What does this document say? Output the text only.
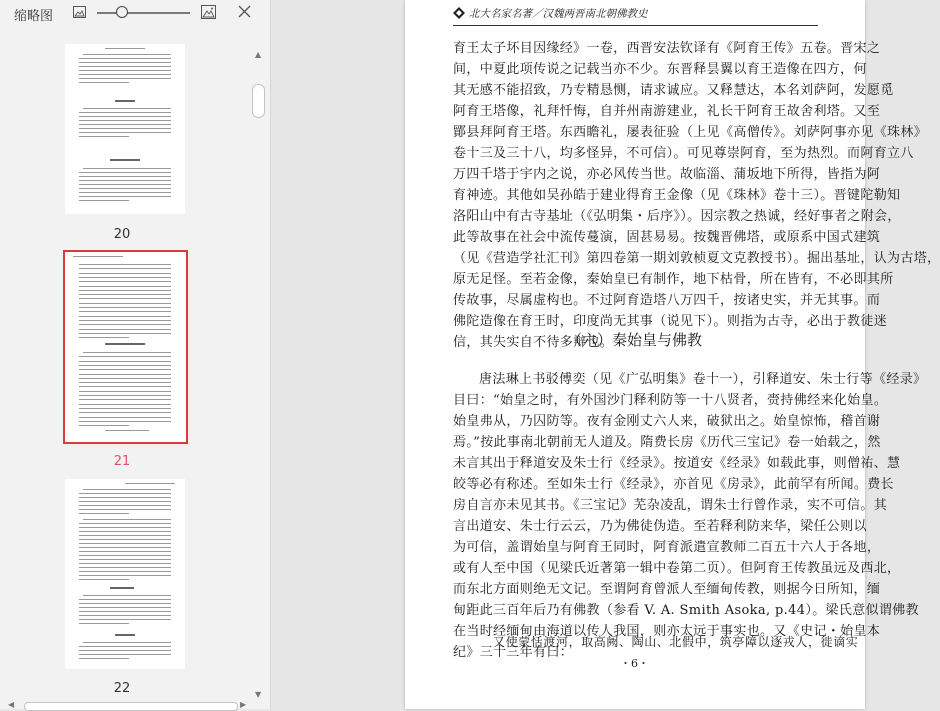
缩略图
20
21
22
▲
▼
◀	▶
北大名家名著／汉魏两晋南北朝佛教史
育王太子坏目因缘经》一卷，西晋安法钦译有《阿育王传》五卷。晋宋之
间，中夏此项传说之记载当亦不少。东晋释昙翼以育王造像在四方，何
其无感不能招致，乃专精恳恻，请求诚应。又释慧达，本名刘萨阿，发愿觅
阿育王塔像，礼拜忏悔，自并州南游建业，礼长干阿育王故舍利塔。又至
鄮县拜阿育王塔。东西瞻礼，屡表征验（上见《高僧传》。刘萨阿事亦见《珠林》
卷十三及三十八，均多怪异，不可信）。可见尊崇阿育，至为热烈。而阿育立八
万四千塔于宇内之说，亦必风传当世。故临淄、蒲坂地下所得，皆指为阿
育神迹。其他如吴孙皓于建业得育王金像（见《珠林》卷十三）。晋键陀勒知
洛阳山中有古寺基址（《弘明集・后序》）。因宗教之热诚，经好事者之附会，
此等故事在社会中流传蔓演，固甚易易。按魏晋佛塔，或原系中国式建筑
（见《营造学社汇刊》第四卷第一期刘敦桢夏文克教授书）。掘出基址，认为古塔，
原无足怪。至若金像，秦始皇已有制作，地下枯骨，所在皆有，不必即其所
传故事，尽属虚构也。不过阿育造塔八万四千，按诸史实，并无其事。而
佛陀造像在育王时，印度尚无其事（说见下）。则指为古寺，必出于教徒迷
信，其失实自不待多辩也。
（六）秦始皇与佛教
唐法琳上书驳傅奕（见《广弘明集》卷十一），引释道安、朱士行等《经录》
目曰：“始皇之时，有外国沙门释利防等一十八贤者，赍持佛经来化始皇。
始皇弗从，乃囚防等。夜有金刚丈六人来，破狱出之。始皇惊怖，稽首谢
焉。”按此事南北朝前无人道及。隋费长房《历代三宝记》卷一始载之，然
未言其出于释道安及朱士行《经录》。按道安《经录》如载此事，则僧祐、慧
皎等必有称述。至如朱士行《经录》，亦首见《房录》，此前罕有所闻。费长
房自言亦未见其书。《三宝记》芜杂凌乱，谓朱士行曾作录，实不可信。其
言出道安、朱士行云云，乃为佛徒伪造。至若释利防来华，梁任公则以
为可信，盖谓始皇与阿育王同时，阿育派遣宣教师二百五十六人于各地，
或有人至中国（见梁氏近著第一辑中卷第二页）。但阿育王传教虽远及西北，
而东北方面则绝无文记。至谓阿育曾派人至缅甸传教，则据今日所知，缅
甸距此三百年后乃有佛教（参看 V. A. Smith Asoka, p.44）。梁氏意似谓佛教
在当时经缅甸由海道以传人我国，则亦太远于事实也。又《史记・始皇本
纪》三十三年有曰：
又使蒙恬渡河，取高阙、陶山、北假中，筑亭障以逐戎人，徙谪实
・6・
